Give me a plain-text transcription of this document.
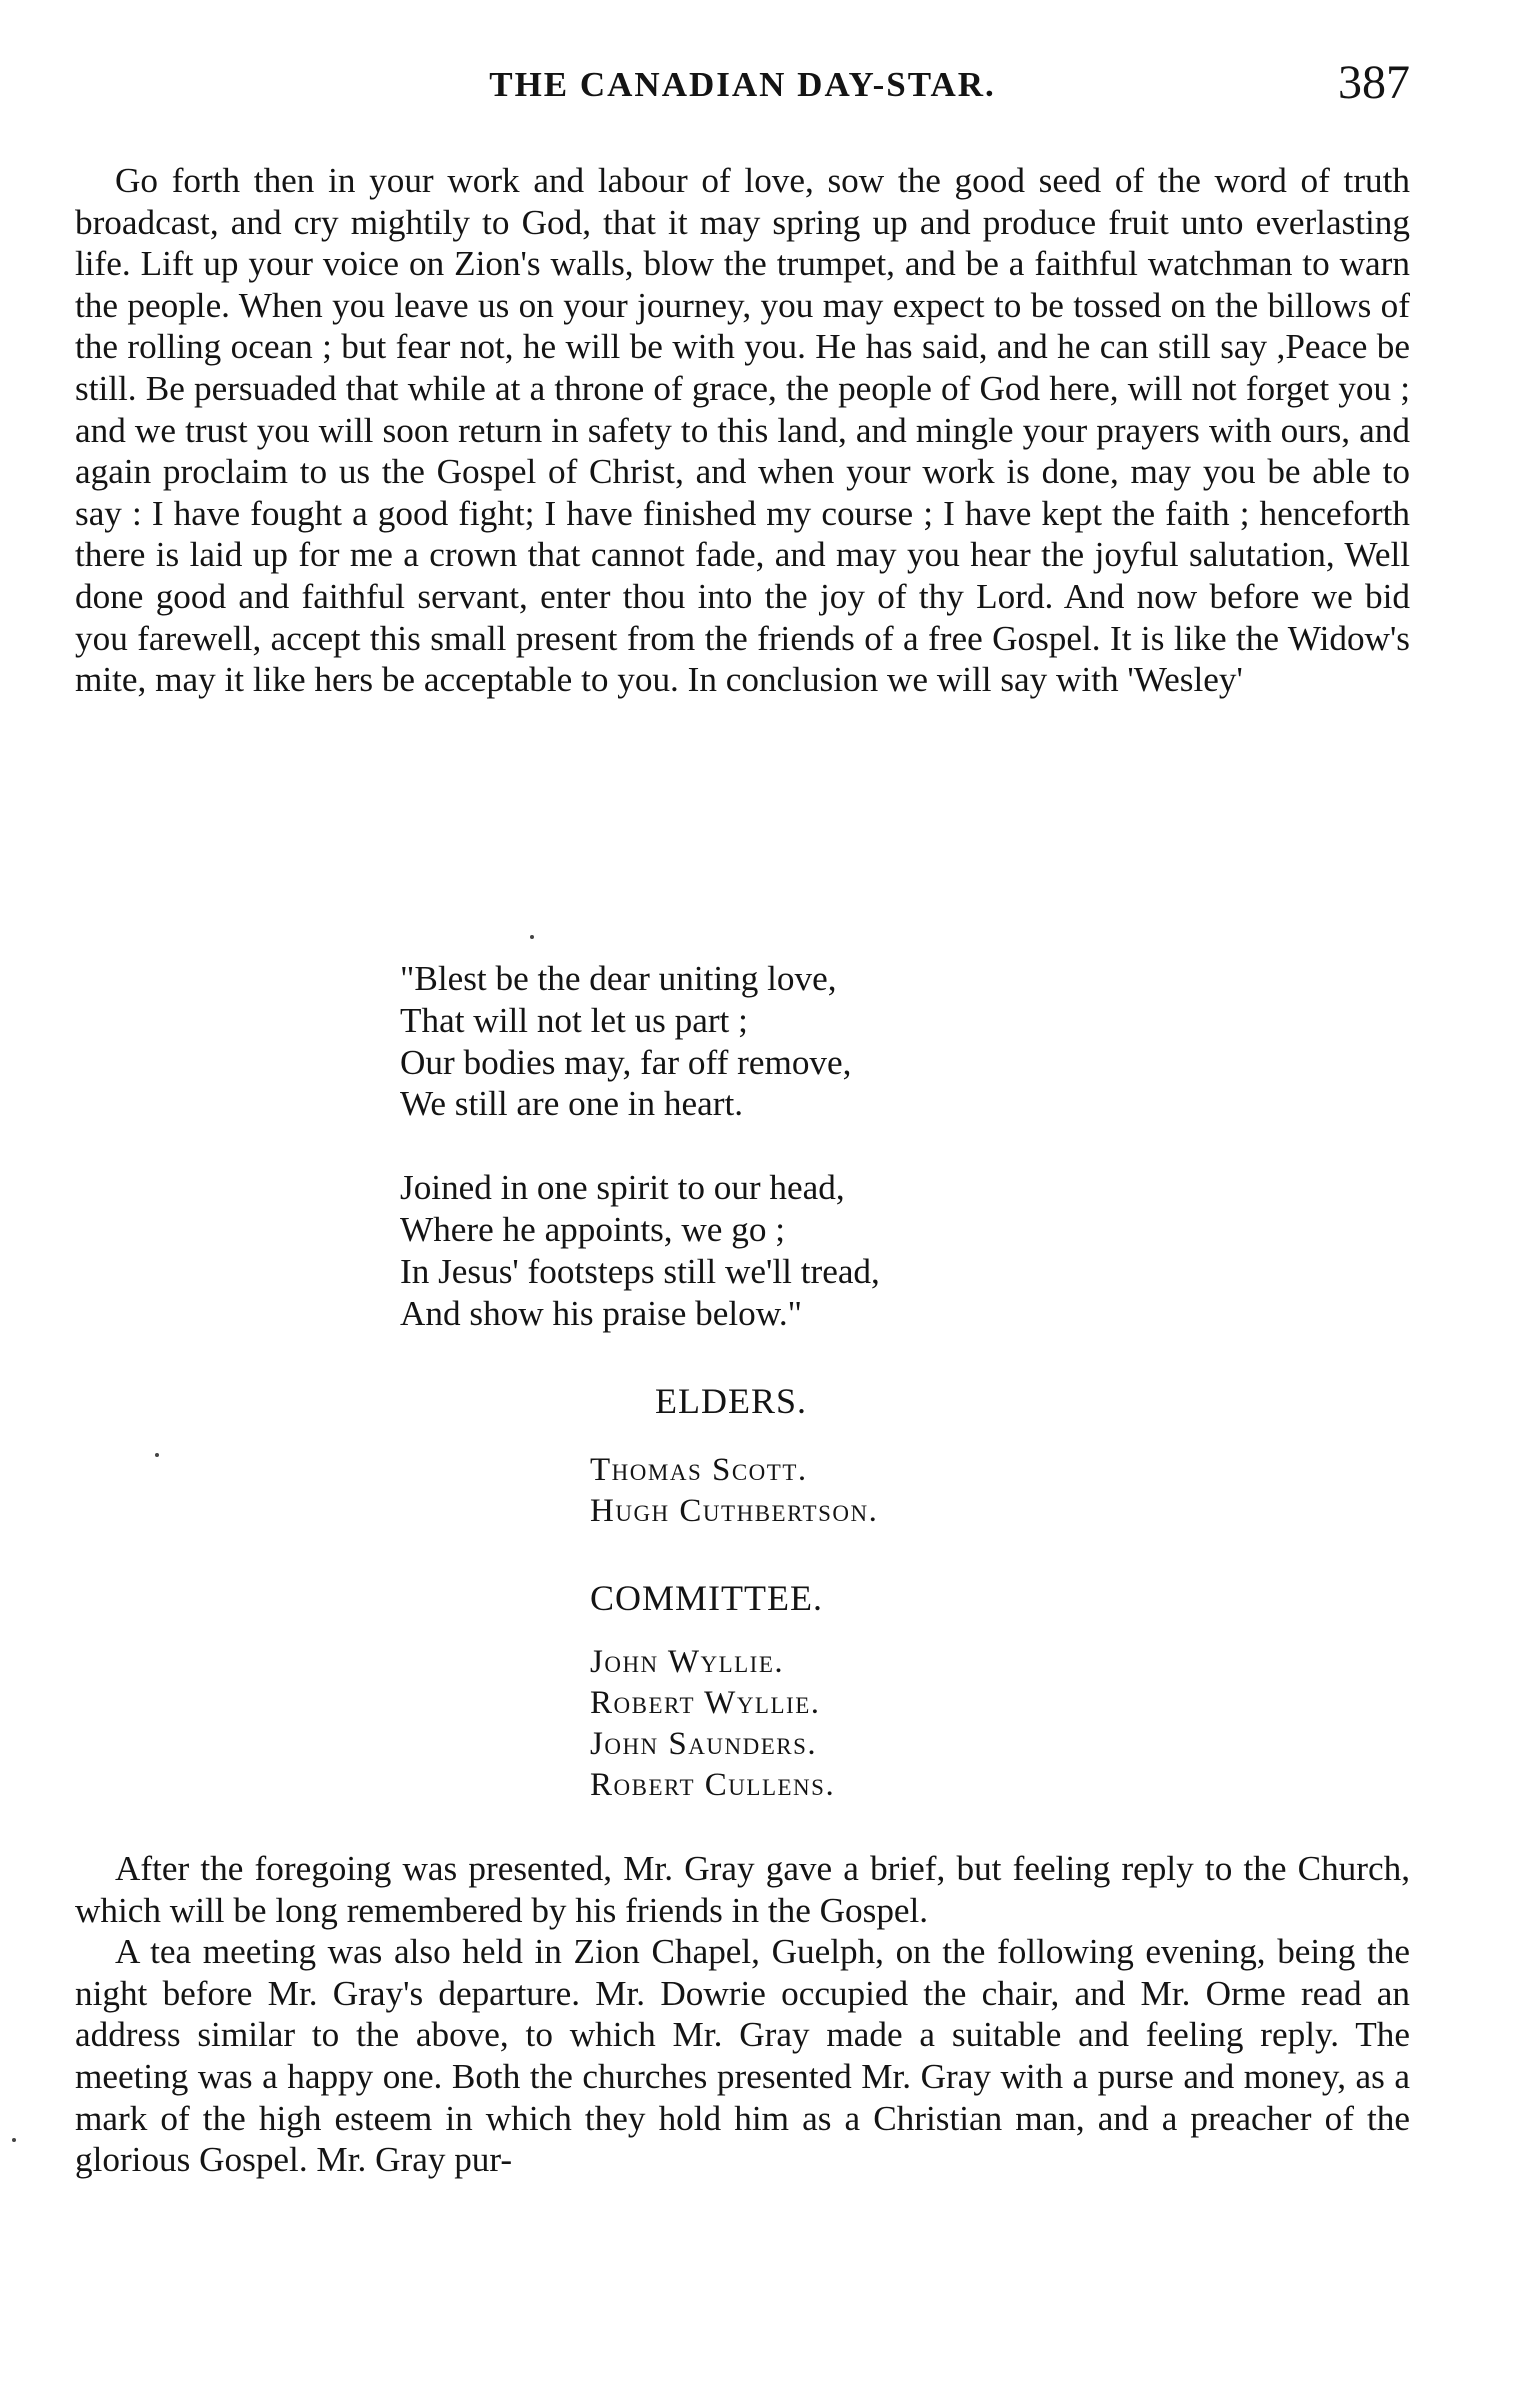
THE CANADIAN DAY-STAR.	387

Go forth then in your work and labour of love, sow the good seed of the word of truth broadcast, and cry mightily to God, that it may spring up and produce fruit unto everlasting life. Lift up your voice on Zion's walls, blow the trumpet, and be a faithful watchman to warn the people. When you leave us on your journey, you may expect to be tossed on the billows of the rolling ocean ; but fear not, he will be with you. He has said, and he can still say ,Peace be still. Be persuaded that while at a throne of grace, the people of God here, will not forget you ; and we trust you will soon return in safety to this land, and mingle your prayers with ours, and again proclaim to us the Gospel of Christ, and when your work is done, may you be able to say : I have fought a good fight; I have finished my course ; I have kept the faith ; henceforth there is laid up for me a crown that cannot fade, and may you hear the joyful salutation, Well done good and faithful servant, enter thou into the joy of thy Lord. And now before we bid you farewell, accept this small present from the friends of a free Gospel. It is like the Widow's mite, may it like hers be acceptable to you. In conclusion we will say with 'Wesley'

"Blest be the dear uniting love,
That will not let us part ;
Our bodies may, far off remove,
We still are one in heart.
Joined in one spirit to our head,
Where he appoints, we go ;
In Jesus' footsteps still we'll tread,
And show his praise below."
ELDERS.
Thomas Scott.
Hugh Cuthbertson.
COMMITTEE.
John Wyllie.
Robert Wyllie.
John Saunders.
Robert Cullens.

After the foregoing was presented, Mr. Gray gave a brief, but feeling reply to the Church, which will be long remembered by his friends in the Gospel.

A tea meeting was also held in Zion Chapel, Guelph, on the following evening, being the night before Mr. Gray's departure. Mr. Dowrie occupied the chair, and Mr. Orme read an address similar to the above, to which Mr. Gray made a suitable and feeling reply. The meeting was a happy one. Both the churches presented Mr. Gray with a purse and money, as a mark of the high esteem in which they hold him as a Christian man, and a preacher of the glorious Gospel. Mr. Gray pur-
